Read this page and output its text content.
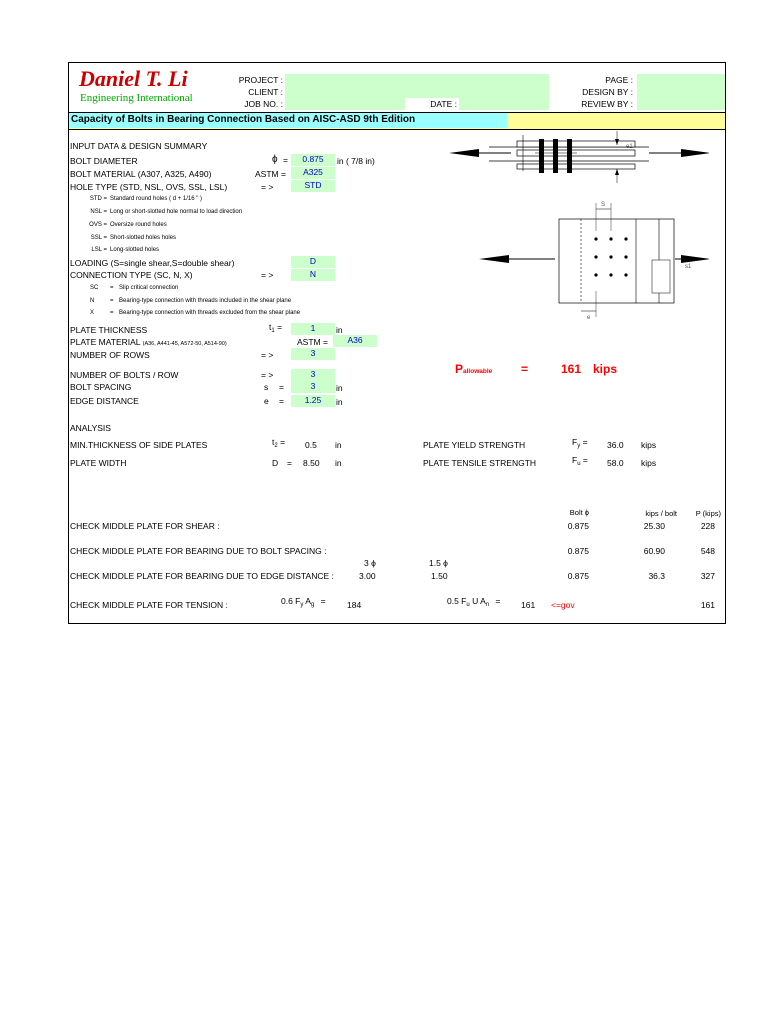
Daniel T. Li
Engineering International
PROJECT :
CLIENT :
JOB NO. :	DATE :
PAGE :
DESIGN BY :
REVIEW BY :
Capacity of Bolts in Bearing Connection Based on AISC-ASD 9th Edition
INPUT DATA & DESIGN SUMMARY
BOLT DIAMETER	ϕ =	0.875	in ( 7/8 in)
BOLT MATERIAL (A307, A325, A490)	ASTM =	A325
HOLE TYPE (STD, NSL, OVS, SSL, LSL)	= >	STD
STD = Standard round holes ( d + 1/16 " )
NSL = Long or short-slotted hole normal to load direction
OVS = Oversize round holes
SSL = Short-slotted holes holes
LSL = Long-slotted holes
LOADING (S=single shear,S=double shear)	D
CONNECTION TYPE (SC, N, X)	= >	N
SC = Slip critical connection
N	= Bearing-type connection with threads included in the shear plane
X	= Bearing-type connection with threads excluded from the shear plane
PLATE THICKNESS	$t_1$ =	1	in
PLATE MATERIAL (A36, A441-45, A572-50, A514-90)	ASTM =	A36
NUMBER OF ROWS	= >	3
NUMBER OF BOLTS / ROW	= >	3
BOLT SPACING	s =	3	in
EDGE DISTANCE	e =	1.25	in
Pallowable =	161 kips
S
e
s1
e1
ANALYSIS
MIN.THICKNESS OF SIDE PLATES	$t_2 = 0.5$ in
PLATE WIDTH	D = 8.50 in
PLATE YIELD STRENGTH	$F_y = 36.0$ kips
PLATE TENSILE STRENGTH	$F_u = 58.0$ kips
Bolt ϕ	kips / bolt	P (kips)
CHECK MIDDLE PLATE FOR SHEAR :	0.875	25.30	228
CHECK MIDDLE PLATE FOR BEARING DUE TO BOLT SPACING :	0.875	60.90	548
3 ϕ	1.5 ϕ
CHECK MIDDLE PLATE FOR BEARING DUE TO EDGE DISTANCE :	3.00	1.50	0.875	36.3	327
CHECK MIDDLE PLATE FOR TENSION :	0.6 $F_y$ $A_g$ =	184	0.5 $F_u$ U $A_n = 161 <=gov$	161
